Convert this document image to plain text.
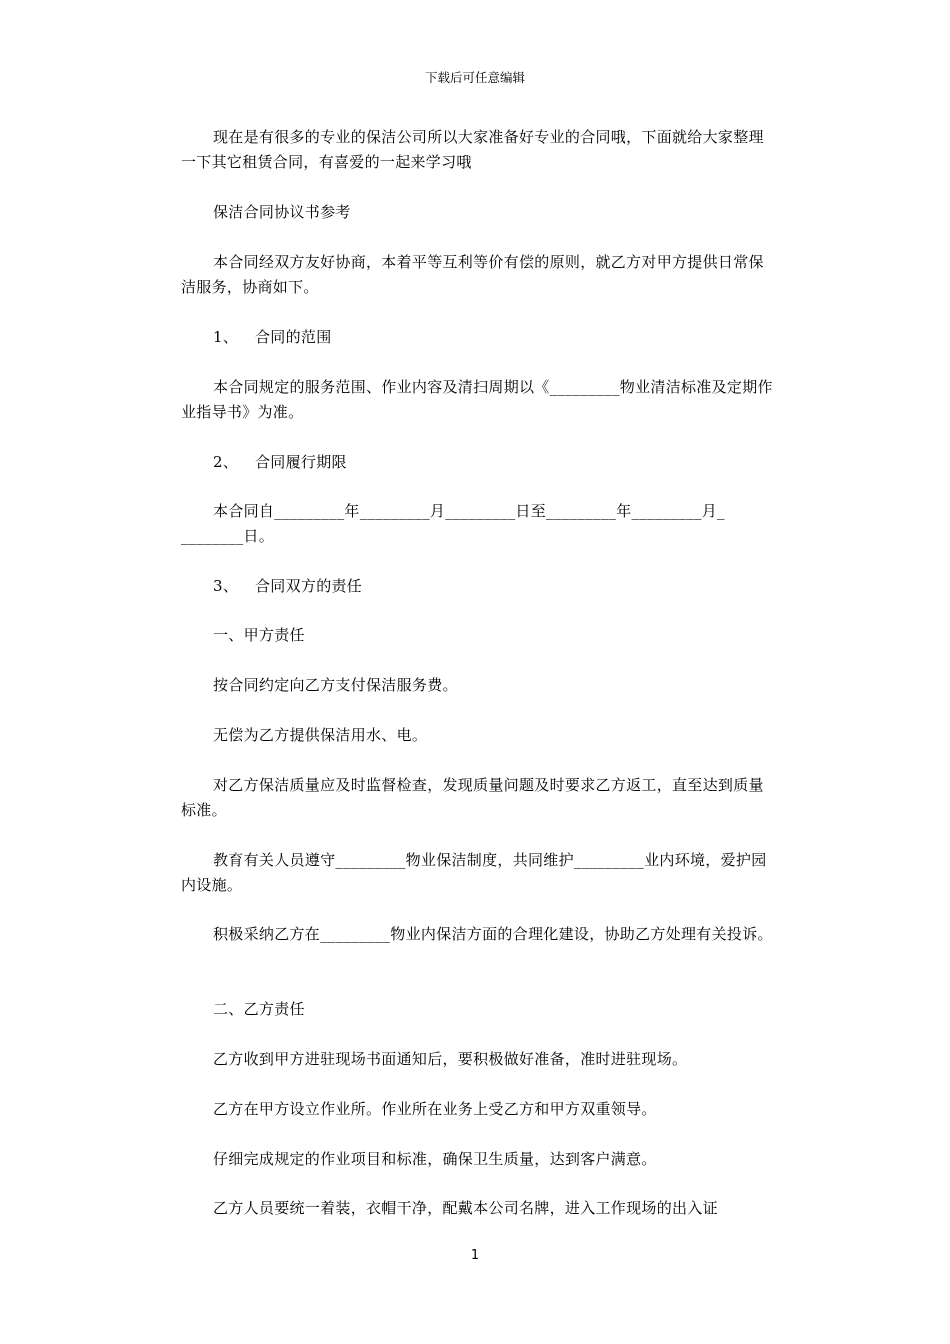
下载后可任意编辑

现在是有很多的专业的保洁公司所以大家准备好专业的合同哦，下面就给大家整理一下其它租赁合同，有喜爱的一起来学习哦

保洁合同协议书参考

本合同经双方友好协商，本着平等互利等价有偿的原则，就乙方对甲方提供日常保洁服务，协商如下。

1、 合同的范围

本合同规定的服务范围、作业内容及清扫周期以《_________物业清洁标准及定期作业指导书》为准。

2、 合同履行期限

本合同自_________年_________月_________日至_________年_________月_ ________日。

3、 合同双方的责任

一、甲方责任

按合同约定向乙方支付保洁服务费。

无偿为乙方提供保洁用水、电。

对乙方保洁质量应及时监督检查，发现质量问题及时要求乙方返工，直至达到质量标准。

教育有关人员遵守_________物业保洁制度，共同维护_________业内环境，爱护园内设施。

积极采纳乙方在_________物业内保洁方面的合理化建设，协助乙方处理有关投诉。

二、乙方责任

乙方收到甲方进驻现场书面通知后，要积极做好准备，准时进驻现场。

乙方在甲方设立作业所。作业所在业务上受乙方和甲方双重领导。

仔细完成规定的作业项目和标准，确保卫生质量，达到客户满意。

乙方人员要统一着装，衣帽干净，配戴本公司名牌，进入工作现场的出入证

1
